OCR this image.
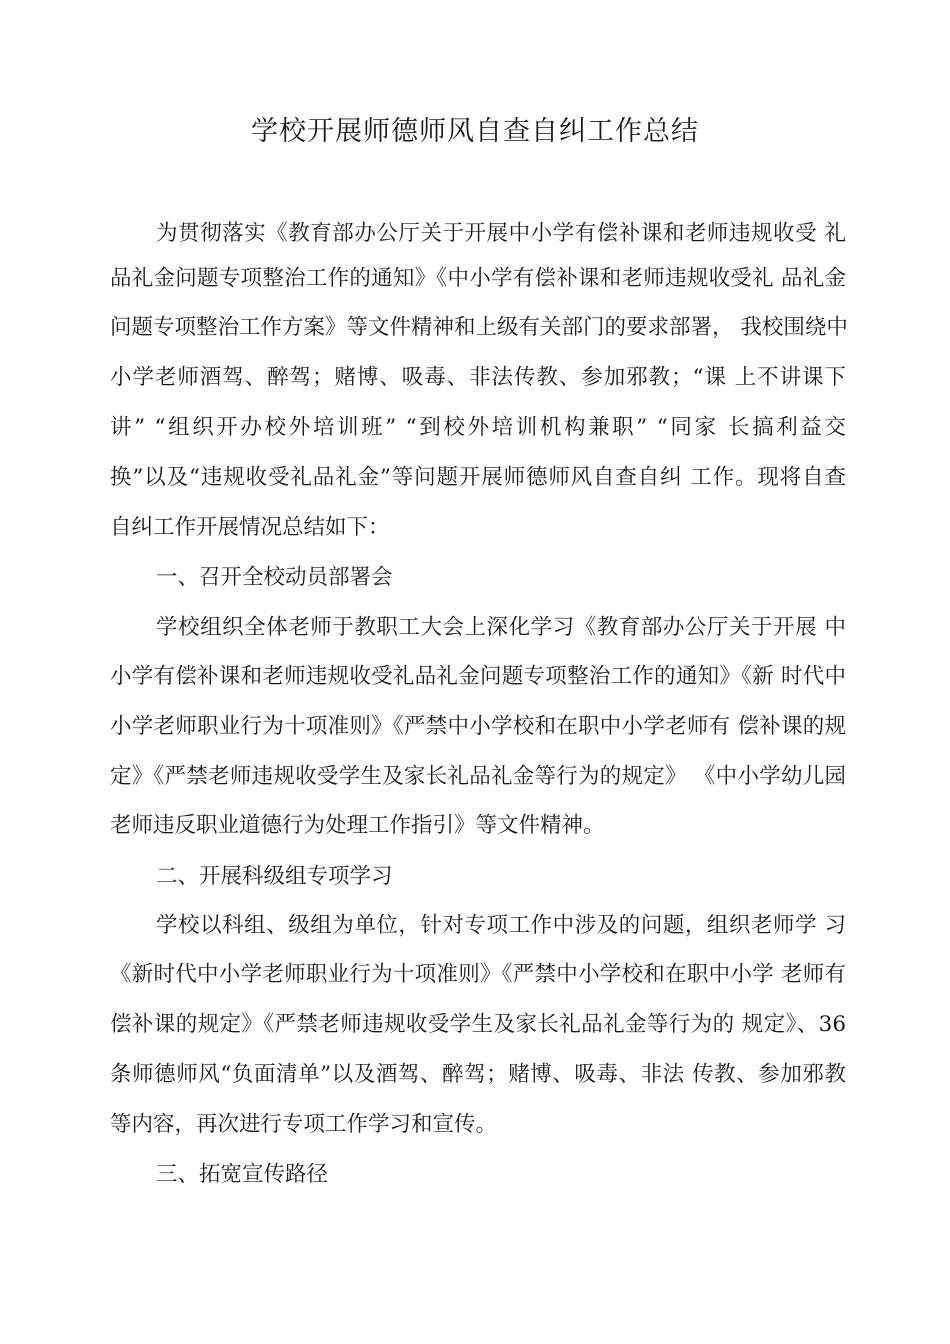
学校开展师德师风自查自纠工作总结
为贯彻落实《教育部办公厅关于开展中小学有偿补课和老师违规收受 礼
品礼金问题专项整治工作的通知》《中小学有偿补课和老师违规收受礼 品礼金
问题专项整治工作方案》等文件精神和上级有关部门的要求部署， 我校围绕中
小学老师酒驾、醉驾；赌博、吸毒、非法传教、参加邪教；“课 上不讲课下
讲” “组织开办校外培训班” “到校外培训机构兼职” “同家 长搞利益交
换”以及“违规收受礼品礼金”等问题开展师德师风自查自纠 工作。现将自查
自纠工作开展情况总结如下：
一、召开全校动员部署会
学校组织全体老师于教职工大会上深化学习《教育部办公厅关于开展 中
小学有偿补课和老师违规收受礼品礼金问题专项整治工作的通知》《新 时代中
小学老师职业行为十项准则》《严禁中小学校和在职中小学老师有 偿补课的规
定》《严禁老师违规收受学生及家长礼品礼金等行为的规定》 《中小学幼儿园
老师违反职业道德行为处理工作指引》等文件精神。
二、开展科级组专项学习
学校以科组、级组为单位，针对专项工作中涉及的问题，组织老师学 习
《新时代中小学老师职业行为十项准则》《严禁中小学校和在职中小学 老师有
偿补课的规定》《严禁老师违规收受学生及家长礼品礼金等行为的 规定》、36
条师德师风“负面清单”以及酒驾、醉驾；赌博、吸毒、非法 传教、参加邪教
等内容，再次进行专项工作学习和宣传。
三、拓宽宣传路径
